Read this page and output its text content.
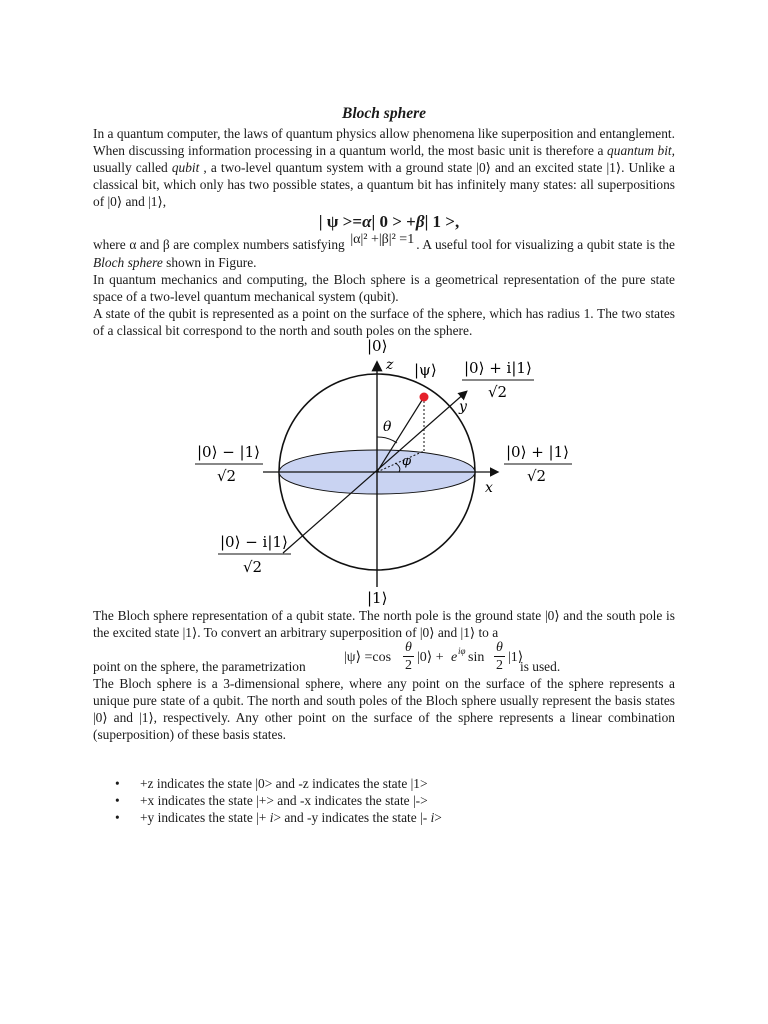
Bloch sphere

In a quantum computer, the laws of quantum physics allow phenomena like superposition and entanglement. When discussing information processing in a quantum world, the most basic unit is therefore a quantum bit, usually called qubit , a two-level quantum system with a ground state |0⟩ and an excited state |1⟩. Unlike a classical bit, which only has two possible states, a quantum bit has infinitely many states: all superpositions of |0⟩ and |1⟩,

| ψ >=α| 0 > +β| 1 >,

where α and β are complex numbers satisfying |α|² +|β|² =1 . A useful tool for visualizing a qubit state is the Bloch sphere shown in Figure.

In quantum mechanics and computing, the Bloch sphere is a geometrical representation of the pure state space of a two-level quantum mechanical system (qubit).

A state of the qubit is represented as a point on the surface of the sphere, which has radius 1. The two states of a classical bit correspond to the north and south poles on the sphere.

|0⟩
|1⟩
z
y
x
|ψ⟩
θ
φ
|0⟩ + i|1⟩
√2
|0⟩ − |1⟩
√2
|0⟩ + |1⟩
√2
|0⟩ − i|1⟩
√2

The Bloch sphere representation of a qubit state. The north pole is the ground state |0⟩ and the south pole is the excited state |1⟩. To convert an arbitrary superposition of |0⟩ and |1⟩ to a

point on the sphere, the parametrization
|ψ⟩ =cos
θ
2
|0⟩ + e iφ sin
θ
2
|1⟩
is used.

The Bloch sphere is a 3-dimensional sphere, where any point on the surface of the sphere represents a unique pure state of a qubit. The north and south poles of the Bloch sphere usually represent the basis states |0⟩ and |1⟩, respectively. Any other point on the surface of the sphere represents a linear combination (superposition) of these basis states.

• +z indicates the state |0> and -z indicates the state |1>
• +x indicates the state |+> and -x indicates the state |->
• +y indicates the state |+ i> and -y indicates the state |- i>
